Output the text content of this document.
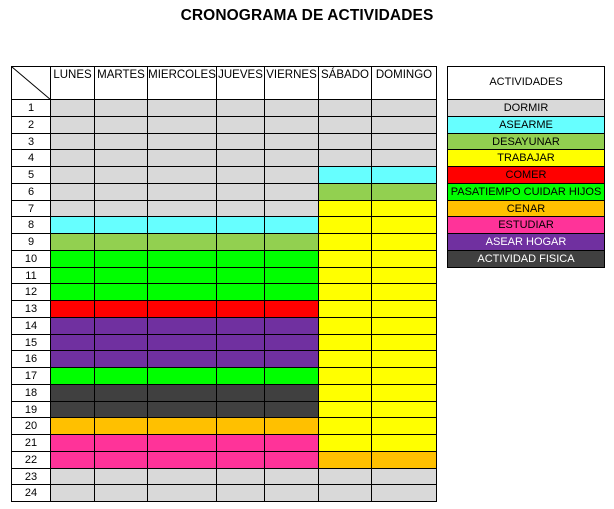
CRONOGRAMA DE ACTIVIDADES
LUNES MARTES MIERCOLES JUEVES VIERNES SÁBADO DOMINGO
1
2
3
4
5
6
7
8
9
10
11
12
13
14
15
16
17
18
19
20
21
22
23
24
ACTIVIDADES
DORMIR
ASEARME
DESAYUNAR
TRABAJAR
COMER
PASATIEMPO CUIDAR HIJOS
CENAR
ESTUDIAR
ASEAR HOGAR
ACTIVIDAD FISICA
